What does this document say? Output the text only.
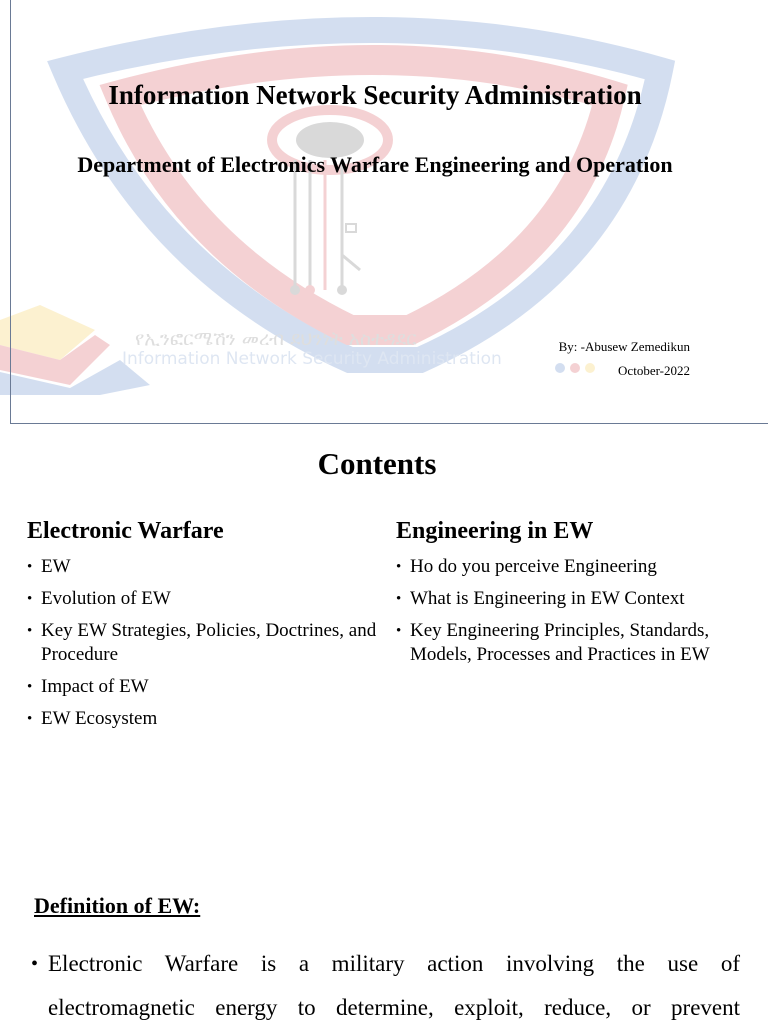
የኢንፎርሜሽን መረብ ደህንነት አስተዳደር
Information Network Security Administration
Information Network Security Administration
Department of Electronics Warfare Engineering and Operation
By: -Abusew Zemedikun
October-2022
Contents
Electronic Warfare
• EW
• Evolution of EW
• Key EW Strategies, Policies, Doctrines, and Procedure
• Impact of EW
• EW Ecosystem
Engineering in EW
• Ho do you perceive Engineering
• What is Engineering in EW Context
• Key Engineering Principles, Standards, Models, Processes and Practices in EW
Definition of EW:
• Electronic Warfare is a military action involving the use of electromagnetic energy to determine, exploit, reduce, or prevent
